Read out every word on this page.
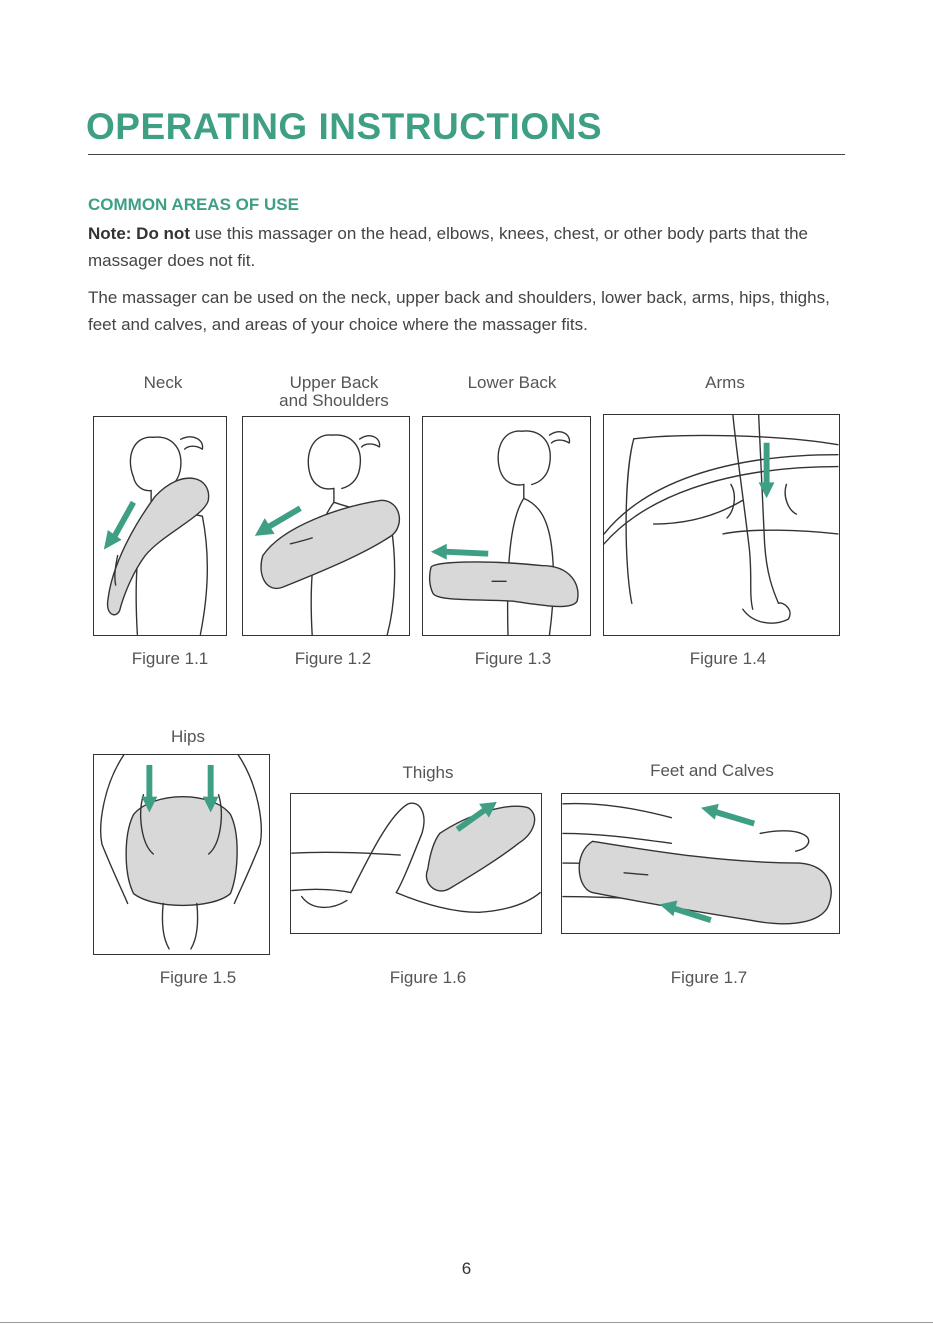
OPERATING INSTRUCTIONS
COMMON AREAS OF USE

Note: Do not use this massager on the head, elbows, knees, chest, or other body parts that the massager does not fit.

The massager can be used on the neck, upper back and shoulders, lower back, arms, hips, thighs, feet and calves, and areas of your choice where the massager fits.

Neck	Upper Back
and Shoulders
Lower Back	Arms
Figure 1.1	Figure 1.2	Figure 1.3	Figure 1.4
Hips
Thighs	Feet and Calves
Figure 1.5	Figure 1.6	Figure 1.7
6
